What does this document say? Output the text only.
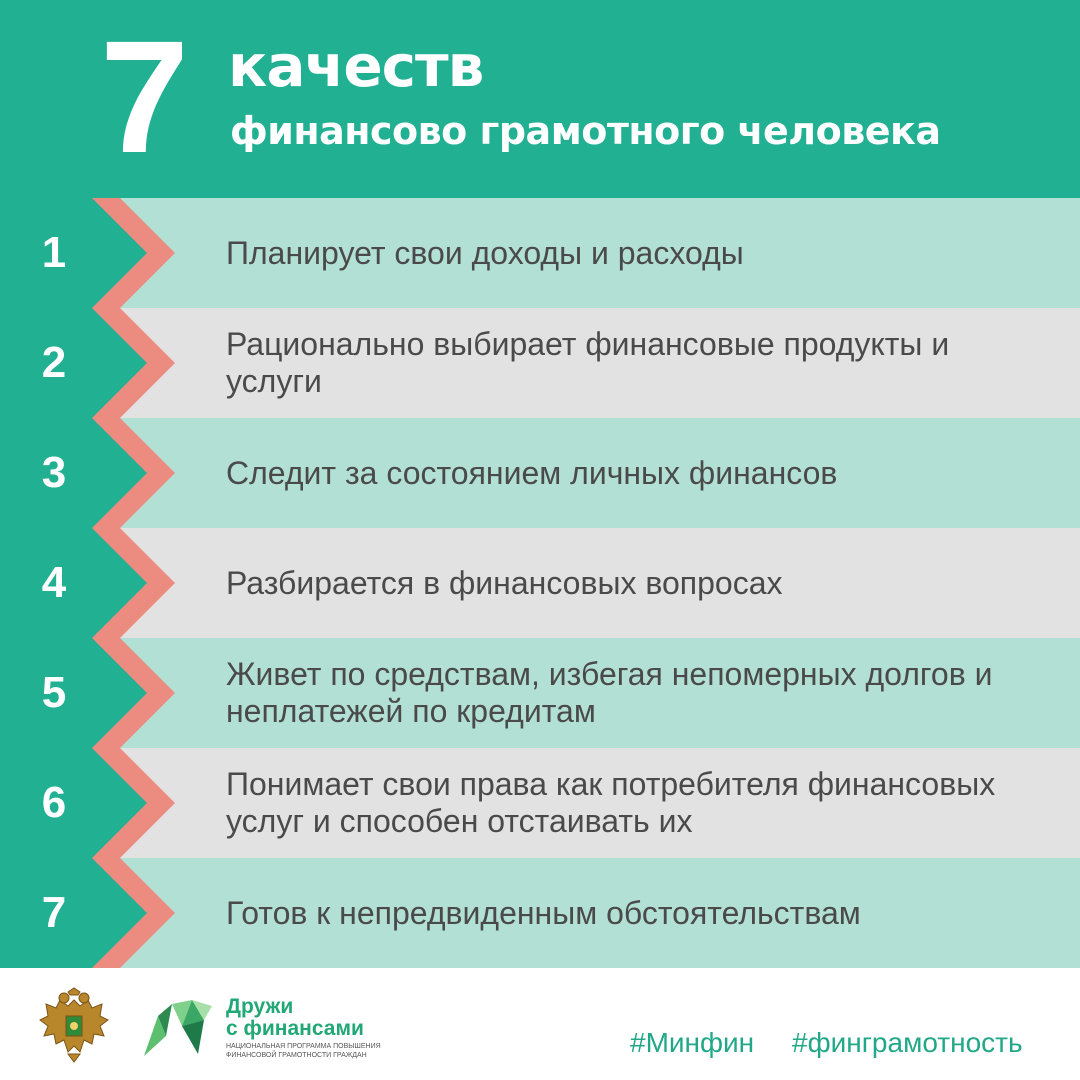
7 качеств
финансово грамотного человека
Планирует свои доходы и расходы
Рационально выбирает финансовые продукты и услуги
Следит за состоянием личных финансов
Разбирается в финансовых вопросах
Живет по средствам, избегая непомерных долгов и неплатежей по кредитам
Понимает свои права как потребителя финансовых услуг и способен отстаивать их
Готов к непредвиденным обстоятельствам
1
2
3
4
5
6
7
Дружи
с финансами
НАЦИОНАЛЬНАЯ ПРОГРАММА ПОВЫШЕНИЯ ФИНАНСОВОЙ ГРАМОТНОСТИ ГРАЖДАН	#Минфин #финграмотность
